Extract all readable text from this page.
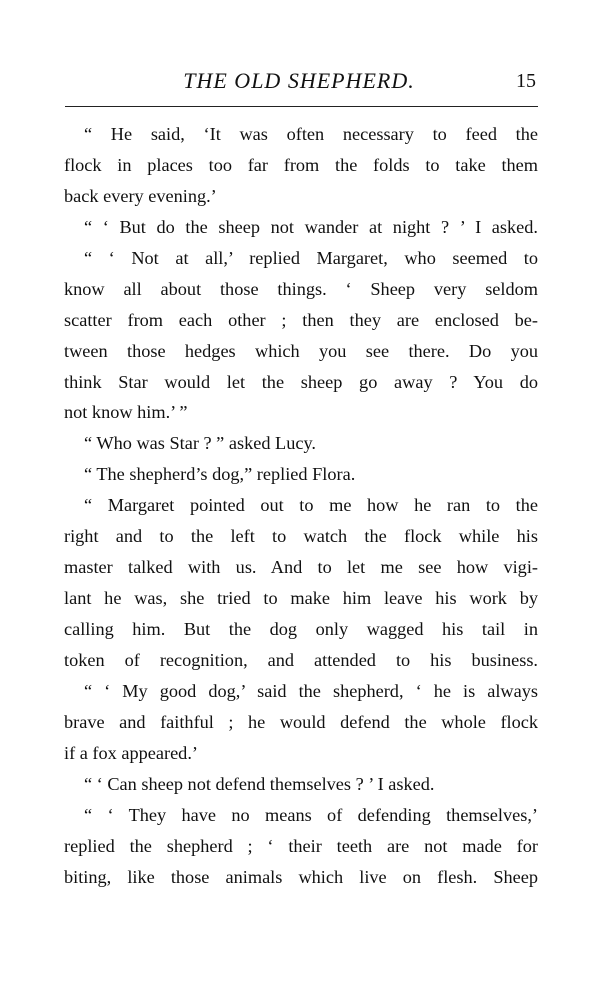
THE OLD SHEPHERD.	15
“ He said, ‘It was often necessary to feed the
flock in places too far from the folds to take them
back every evening.’
“ ‘ But do the sheep not wander at night ? ’ I asked.
“ ‘ Not at all,’ replied Margaret, who seemed to
know all about those things. ‘ Sheep very seldom
scatter from each other ; then they are enclosed be-
tween those hedges which you see there. Do you
think Star would let the sheep go away ? You do
not know him.’ ”
“ Who was Star ? ” asked Lucy.
“ The shepherd’s dog,” replied Flora.
“ Margaret pointed out to me how he ran to the
right and to the left to watch the flock while his
master talked with us. And to let me see how vigi-
lant he was, she tried to make him leave his work by
calling him. But the dog only wagged his tail in
token of recognition, and attended to his business.
“ ‘ My good dog,’ said the shepherd, ‘ he is always
brave and faithful ; he would defend the whole flock
if a fox appeared.’
“ ‘ Can sheep not defend themselves ? ’ I asked.
“ ‘ They have no means of defending themselves,’
replied the shepherd ; ‘ their teeth are not made for
biting, like those animals which live on flesh. Sheep
